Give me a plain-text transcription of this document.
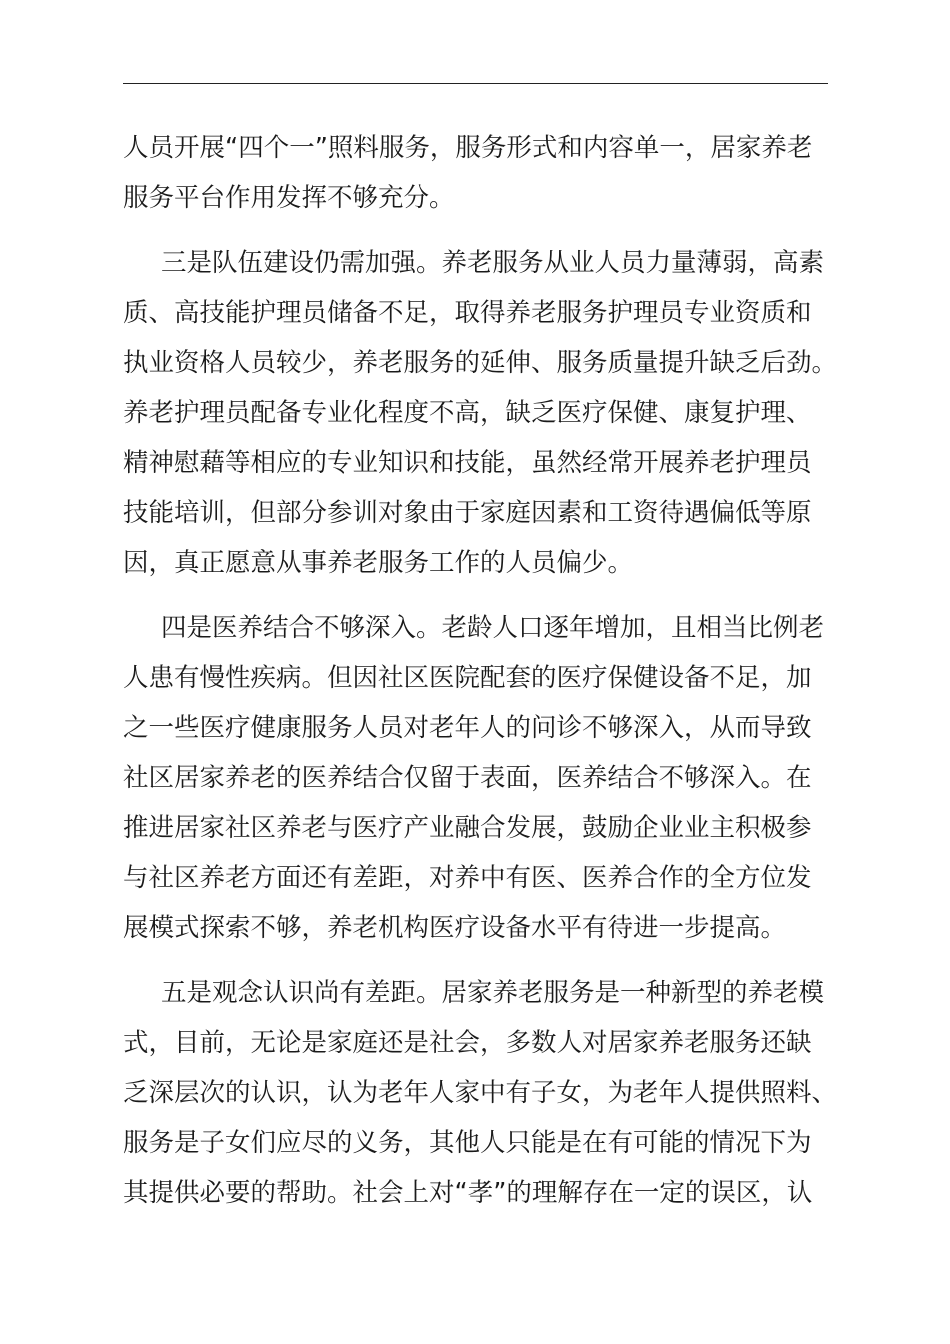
人员开展“四个一”照料服务，服务形式和内容单一，居家养老
服务平台作用发挥不够充分。

三是队伍建设仍需加强。养老服务从业人员力量薄弱，高素
质、高技能护理员储备不足，取得养老服务护理员专业资质和
执业资格人员较少，养老服务的延伸、服务质量提升缺乏后劲。
养老护理员配备专业化程度不高，缺乏医疗保健、康复护理、
精神慰藉等相应的专业知识和技能，虽然经常开展养老护理员
技能培训，但部分参训对象由于家庭因素和工资待遇偏低等原
因，真正愿意从事养老服务工作的人员偏少。

四是医养结合不够深入。老龄人口逐年增加，且相当比例老
人患有慢性疾病。但因社区医院配套的医疗保健设备不足，加
之一些医疗健康服务人员对老年人的问诊不够深入，从而导致
社区居家养老的医养结合仅留于表面，医养结合不够深入。在
推进居家社区养老与医疗产业融合发展，鼓励企业业主积极参
与社区养老方面还有差距，对养中有医、医养合作的全方位发
展模式探索不够，养老机构医疗设备水平有待进一步提高。

五是观念认识尚有差距。居家养老服务是一种新型的养老模
式，目前，无论是家庭还是社会，多数人对居家养老服务还缺
乏深层次的认识，认为老年人家中有子女，为老年人提供照料、
服务是子女们应尽的义务，其他人只能是在有可能的情况下为
其提供必要的帮助。社会上对“孝”的理解存在一定的误区，认
